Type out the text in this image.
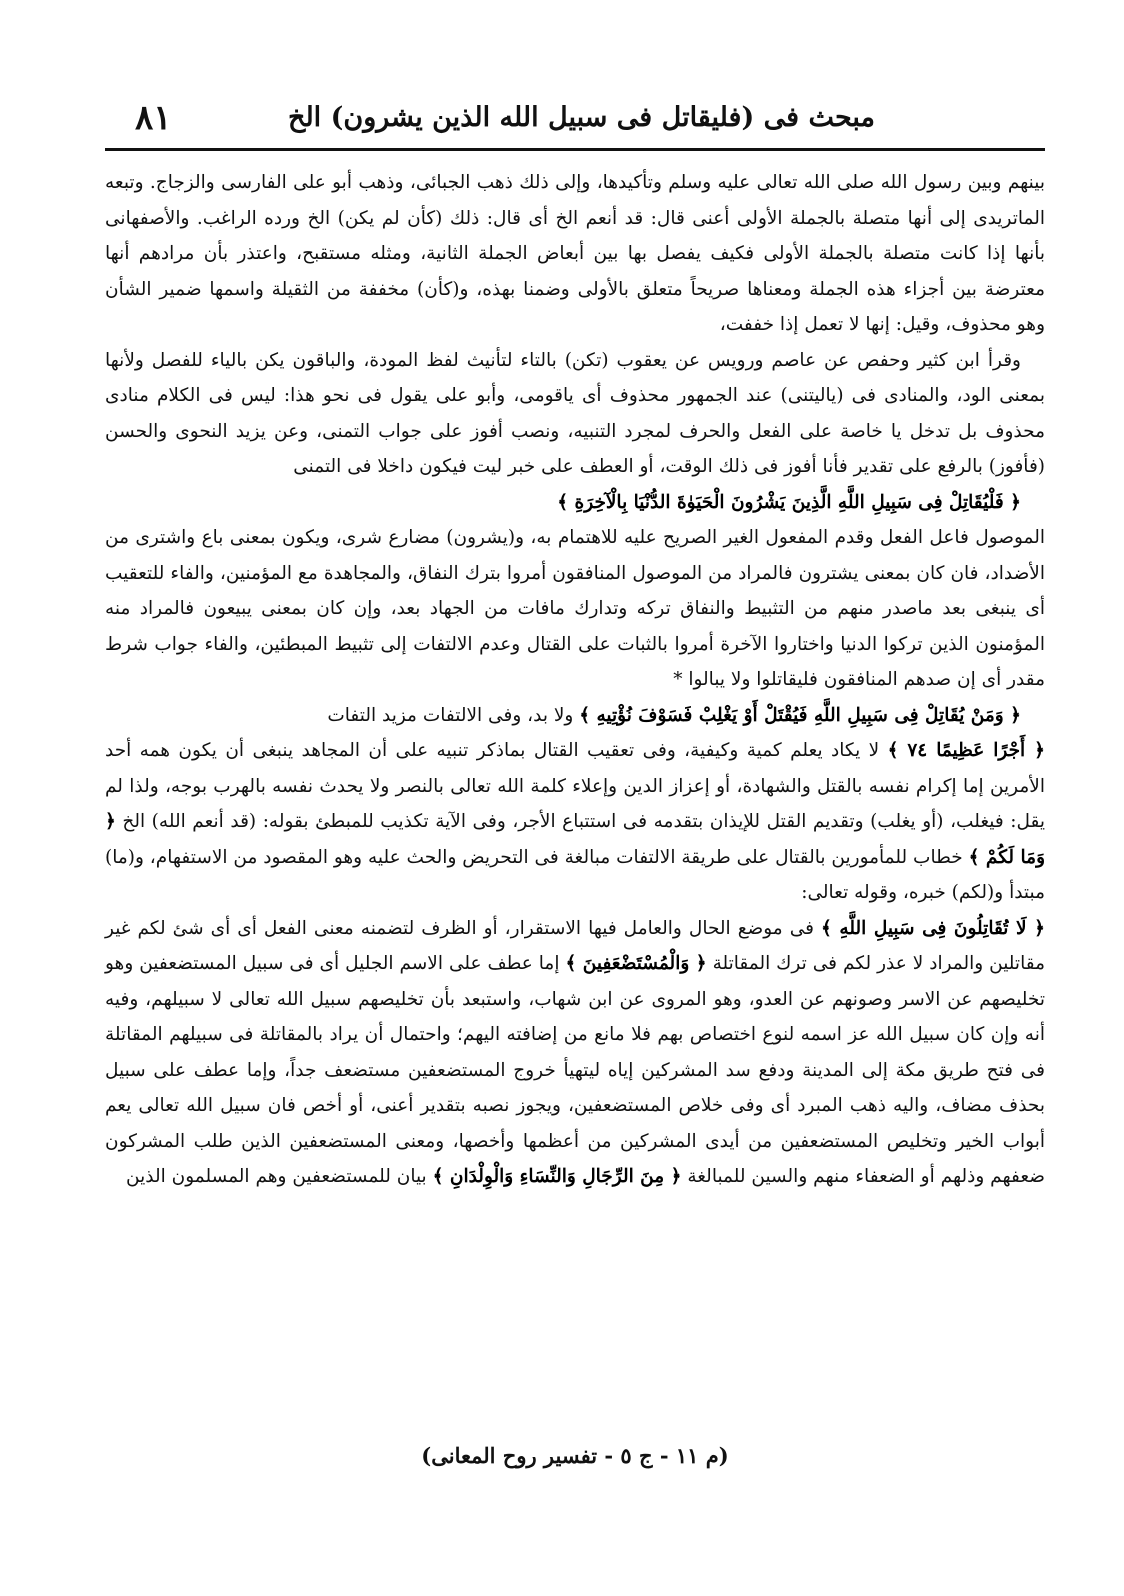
مبحث فى (فليقاتل فى سبيل الله الذين يشرون) الخ
٨١

بينهم وبين رسول الله صلى الله تعالى عليه وسلم وتأكيدها، وإلى ذلك ذهب الجبائى، وذهب أبو على الفارسى والزجاج. وتبعه الماتريدى إلى أنها متصلة بالجملة الأولى أعنى قال: قد أنعم الخ أى قال: ذلك (كأن لم يكن) الخ ورده الراغب. والأصفهانى بأنها إذا كانت متصلة بالجملة الأولى فكيف يفصل بها بين أبعاض الجملة الثانية، ومثله مستقبح، واعتذر بأن مرادهم أنها معترضة بين أجزاء هذه الجملة ومعناها صريحاً متعلق بالأولى وضمنا بهذه، و(كأن) مخففة من الثقيلة واسمها ضمير الشأن وهو محذوف، وقيل: إنها لا تعمل إذا خففت،

وقرأ ابن كثير وحفص عن عاصم ورويس عن يعقوب (تكن) بالتاء لتأنيث لفظ المودة، والباقون يكن بالياء للفصل ولأنها بمعنى الود، والمنادى فى (ياليتنى) عند الجمهور محذوف أى ياقومى، وأبو على يقول فى نحو هذا: ليس فى الكلام منادى محذوف بل تدخل يا خاصة على الفعل والحرف لمجرد التنبيه، ونصب أفوز على جواب التمنى، وعن يزيد النحوى والحسن (فأفوز) بالرفع على تقدير فأنا أفوز فى ذلك الوقت، أو العطف على خبر ليت فيكون داخلا فى التمنى

﴿ فَلْيُقَاتِلْ فِى سَبِيلِ اللَّهِ الَّذِينَ يَشْرُونَ الْحَيَوٰةَ الدُّنْيَا بِالْآخِرَةِ ﴾

الموصول فاعل الفعل وقدم المفعول الغير الصريح عليه للاهتمام به، و(يشرون) مضارع شرى، ويكون بمعنى باع واشترى من الأضداد، فان كان بمعنى يشترون فالمراد من الموصول المنافقون أمروا بترك النفاق، والمجاهدة مع المؤمنين، والفاء للتعقيب أى ينبغى بعد ماصدر منهم من التثبيط والنفاق تركه وتدارك مافات من الجهاد بعد، وإن كان بمعنى يبيعون فالمراد منه المؤمنون الذين تركوا الدنيا واختاروا الآخرة أمروا بالثبات على القتال وعدم الالتفات إلى تثبيط المبطئين، والفاء جواب شرط مقدر أى إن صدهم المنافقون فليقاتلوا ولا يبالوا *

﴿ وَمَنْ يُقَاتِلْ فِى سَبِيلِ اللَّهِ فَيُقْتَلْ أَوْ يَغْلِبْ فَسَوْفَ نُؤْتِيهِ ﴾ ولا بد، وفى الالتفات مزيد التفات

﴿ أَجْرًا عَظِيمًا ٧٤ ﴾ لا يكاد يعلم كمية وكيفية، وفى تعقيب القتال بماذكر تنبيه على أن المجاهد ينبغى أن يكون همه أحد الأمرين إما إكرام نفسه بالقتل والشهادة، أو إعزاز الدين وإعلاء كلمة الله تعالى بالنصر ولا يحدث نفسه بالهرب بوجه، ولذا لم يقل: فيغلب، (أو يغلب) وتقديم القتل للإيذان بتقدمه فى استتباع الأجر، وفى الآية تكذيب للمبطئ بقوله: (قد أنعم الله) الخ ﴿ وَمَا لَكُمْ ﴾ خطاب للمأمورين بالقتال على طريقة الالتفات مبالغة فى التحريض والحث عليه وهو المقصود من الاستفهام، و(ما) مبتدأ و(لكم) خبره، وقوله تعالى:

﴿ لَا تُقَاتِلُونَ فِى سَبِيلِ اللَّهِ ﴾ فى موضع الحال والعامل فيها الاستقرار، أو الظرف لتضمنه معنى الفعل أى أى شئ لكم غير مقاتلين والمراد لا عذر لكم فى ترك المقاتلة ﴿ وَالْمُسْتَضْعَفِينَ ﴾ إما عطف على الاسم الجليل أى فى سبيل المستضعفين وهو تخليصهم عن الاسر وصونهم عن العدو، وهو المروى عن ابن شهاب، واستبعد بأن تخليصهم سبيل الله تعالى لا سبيلهم، وفيه أنه وإن كان سبيل الله عز اسمه لنوع اختصاص بهم فلا مانع من إضافته اليهم؛ واحتمال أن يراد بالمقاتلة فى سبيلهم المقاتلة فى فتح طريق مكة إلى المدينة ودفع سد المشركين إياه ليتهيأ خروج المستضعفين مستضعف جداً، وإما عطف على سبيل بحذف مضاف، واليه ذهب المبرد أى وفى خلاص المستضعفين، ويجوز نصبه بتقدير أعنى، أو أخص فان سبيل الله تعالى يعم أبواب الخير وتخليص المستضعفين من أيدى المشركين من أعظمها وأخصها، ومعنى المستضعفين الذين طلب المشركون ضعفهم وذلهم أو الضعفاء منهم والسين للمبالغة ﴿ مِنَ الرِّجَالِ وَالنِّسَاءِ وَالْوِلْدَانِ ﴾ بيان للمستضعفين وهم المسلمون الذين

(م ١١ - ج ٥ - تفسير روح المعانى)
